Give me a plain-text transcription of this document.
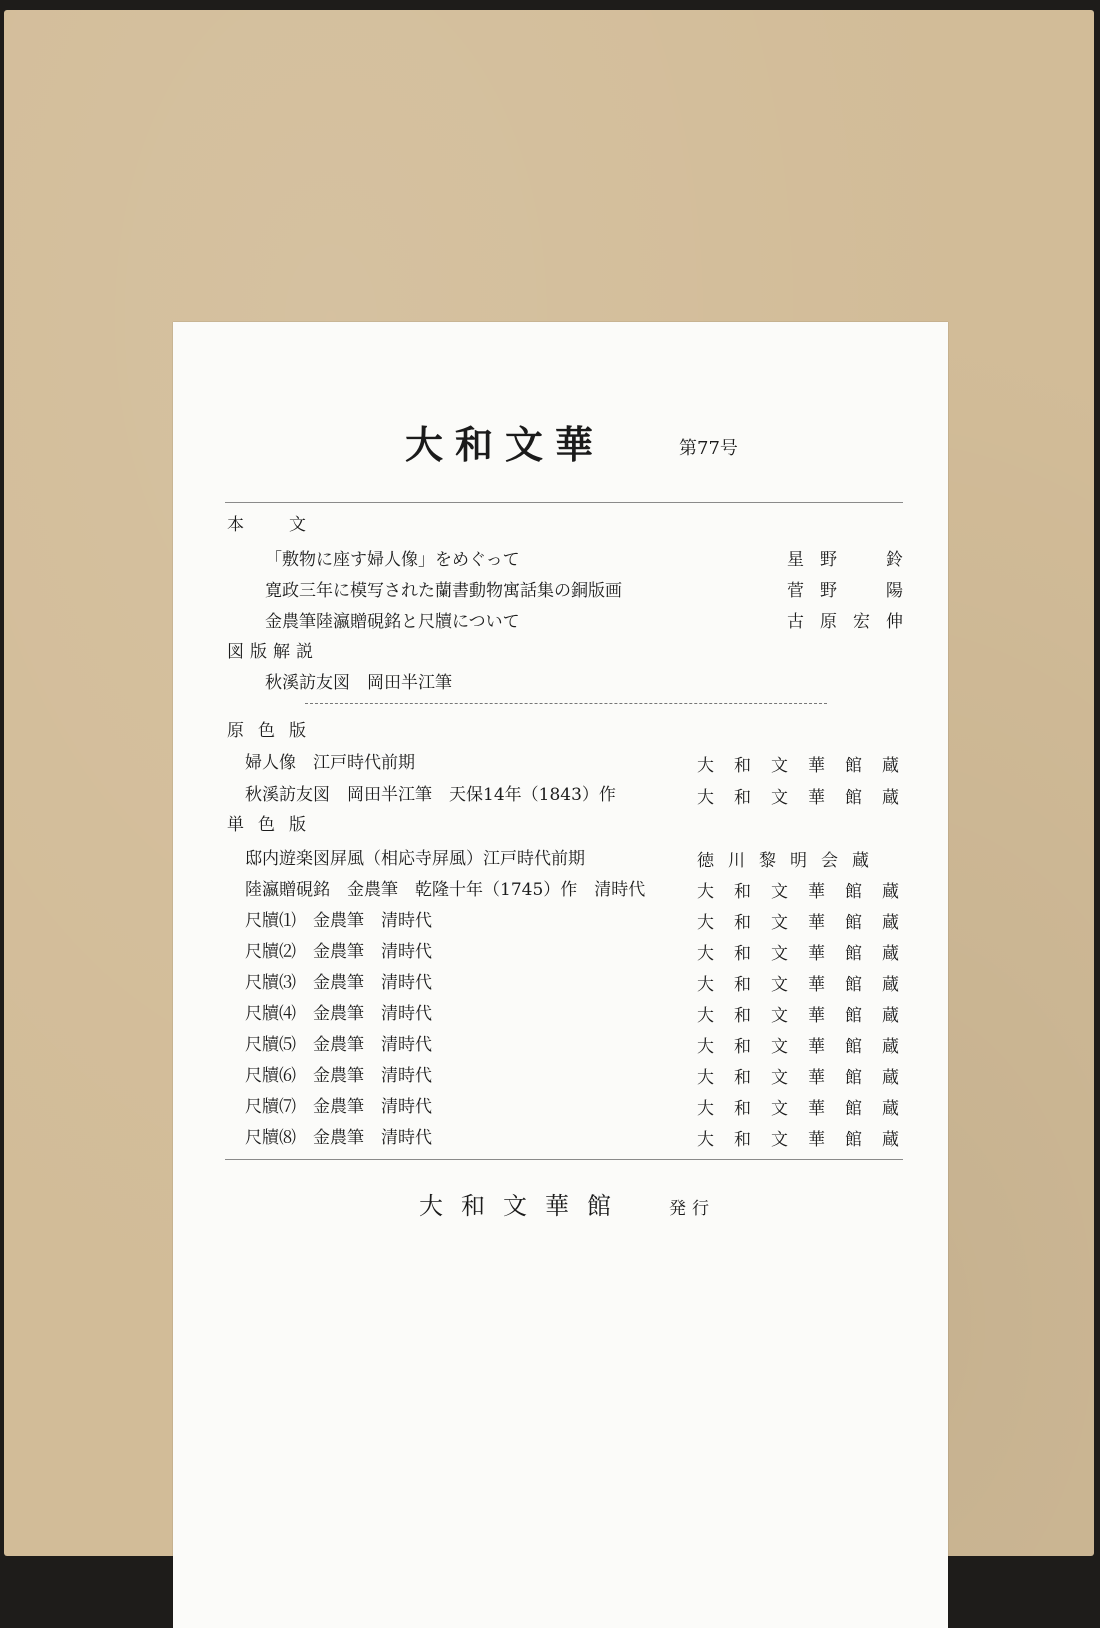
大和文華	第77号
本　文
「敷物に座す婦人像」をめぐって	星野　鈴
寛政三年に模写された蘭書動物寓話集の銅版画	菅野　陽
金農筆陸瀛贈硯銘と尺牘について	古原宏伸
図版解説
秋溪訪友図　岡田半江筆
原色版
婦人像　江戸時代前期	大和文華館蔵
秋溪訪友図　岡田半江筆　天保14年（1843）作	大和文華館蔵
単色版
邸内遊楽図屏風（相応寺屏風）江戸時代前期	徳川黎明会蔵
陸瀛贈硯銘　金農筆　乾隆十年（1745）作　清時代	大和文華館蔵
尺牘⑴　金農筆　清時代	大和文華館蔵
尺牘⑵　金農筆　清時代	大和文華館蔵
尺牘⑶　金農筆　清時代	大和文華館蔵
尺牘⑷　金農筆　清時代	大和文華館蔵
尺牘⑸　金農筆　清時代	大和文華館蔵
尺牘⑹　金農筆　清時代	大和文華館蔵
尺牘⑺　金農筆　清時代	大和文華館蔵
尺牘⑻　金農筆　清時代	大和文華館蔵
大和文華館 発行
